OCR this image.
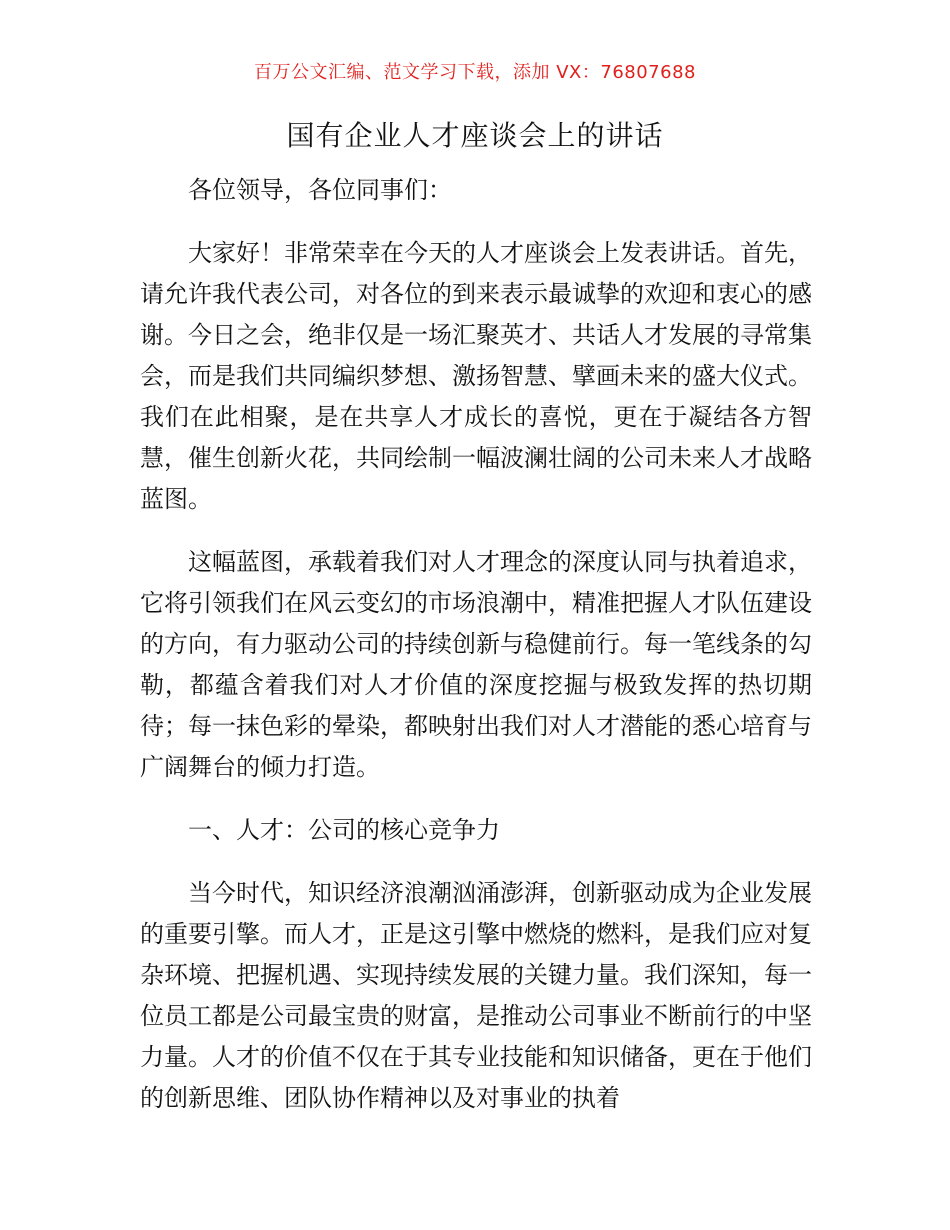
百万公文汇编、范文学习下载，添加 VX：76807688
国有企业人才座谈会上的讲话

各位领导，各位同事们：

大家好！非常荣幸在今天的人才座谈会上发表讲话。首先，请允许我代表公司，对各位的到来表示最诚挚的欢迎和衷心的感谢。今日之会，绝非仅是一场汇聚英才、共话人才发展的寻常集会，而是我们共同编织梦想、激扬智慧、擘画未来的盛大仪式。我们在此相聚，是在共享人才成长的喜悦，更在于凝结各方智慧，催生创新火花，共同绘制一幅波澜壮阔的公司未来人才战略蓝图。

这幅蓝图，承载着我们对人才理念的深度认同与执着追求，它将引领我们在风云变幻的市场浪潮中，精准把握人才队伍建设的方向，有力驱动公司的持续创新与稳健前行。每一笔线条的勾勒，都蕴含着我们对人才价值的深度挖掘与极致发挥的热切期待；每一抹色彩的晕染，都映射出我们对人才潜能的悉心培育与广阔舞台的倾力打造。

一、人才：公司的核心竞争力

当今时代，知识经济浪潮汹涌澎湃，创新驱动成为企业发展的重要引擎。而人才，正是这引擎中燃烧的燃料，是我们应对复杂环境、把握机遇、实现持续发展的关键力量。我们深知，每一位员工都是公司最宝贵的财富，是推动公司事业不断前行的中坚力量。人才的价值不仅在于其专业技能和知识储备，更在于他们的创新思维、团队协作精神以及对事业的执着
